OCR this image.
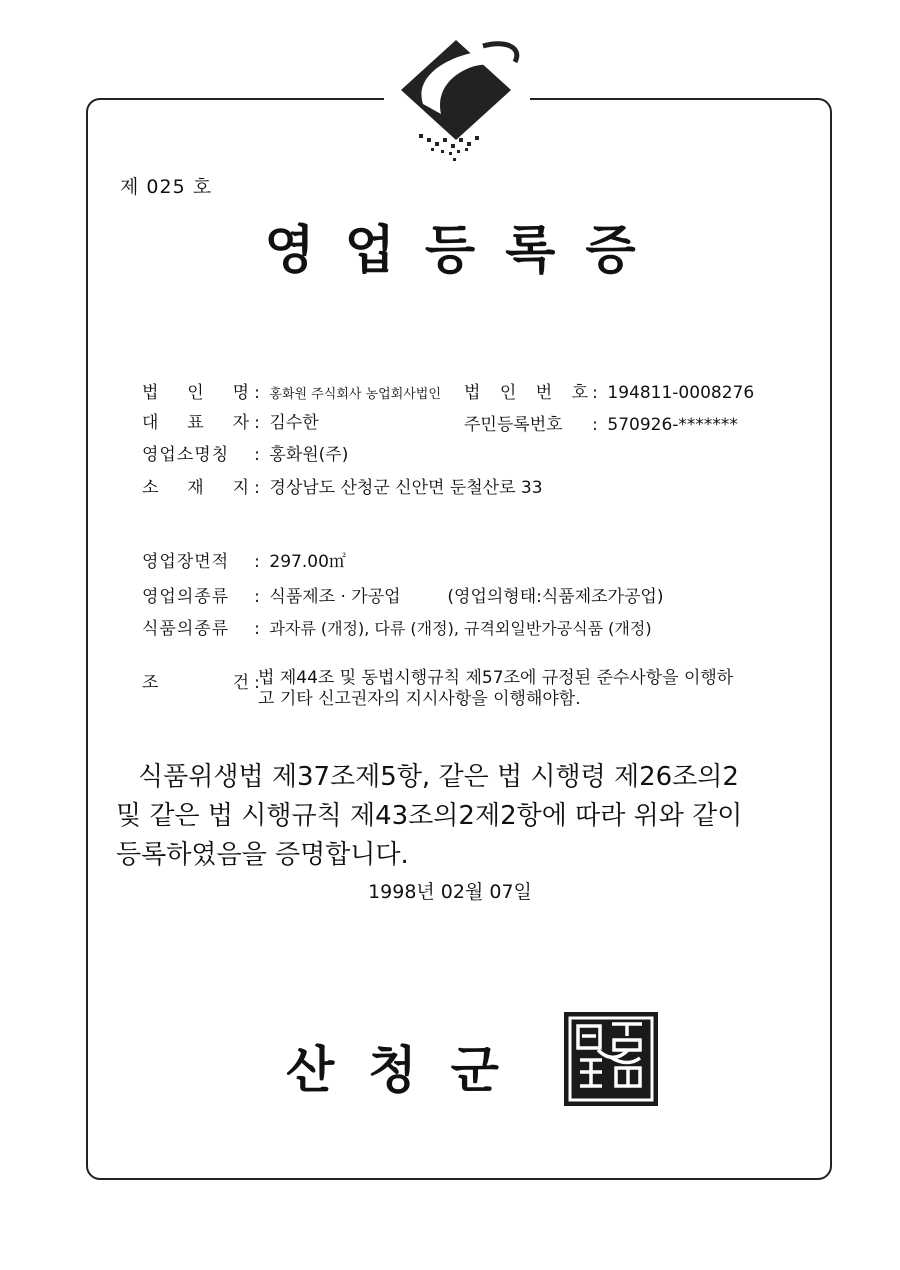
제 025 호
영업등록증
법 인 명 : 홍화원 주식회사 농업회사법인 법 인 번 호 : 194811-0008276
대 표 자 : 김수한	주민등록번호 : 570926-*******
영업소명칭 : 홍화원(주)
소 재 지 : 경상남도 산청군 신안면 둔철산로 33
영업장면적 : 297.00㎡
영업의종류 : 식품제조 · 가공업	(영업의형태:식품제조가공업)
식품의종류 : 과자류 (개정), 다류 (개정), 규격외일반가공식품 (개정)
조 건 :
법 제44조 및 동법시행규칙 제57조에 규정된 준수사항을 이행하
고 기타 신고권자의 지시사항을 이행해야함.
식품위생법 제37조제5항, 같은 법 시행령 제26조의2
및 같은 법 시행규칙 제43조의2제2항에 따라 위와 같이
등록하였음을 증명합니다.
1998년 02월 07일
산청군
